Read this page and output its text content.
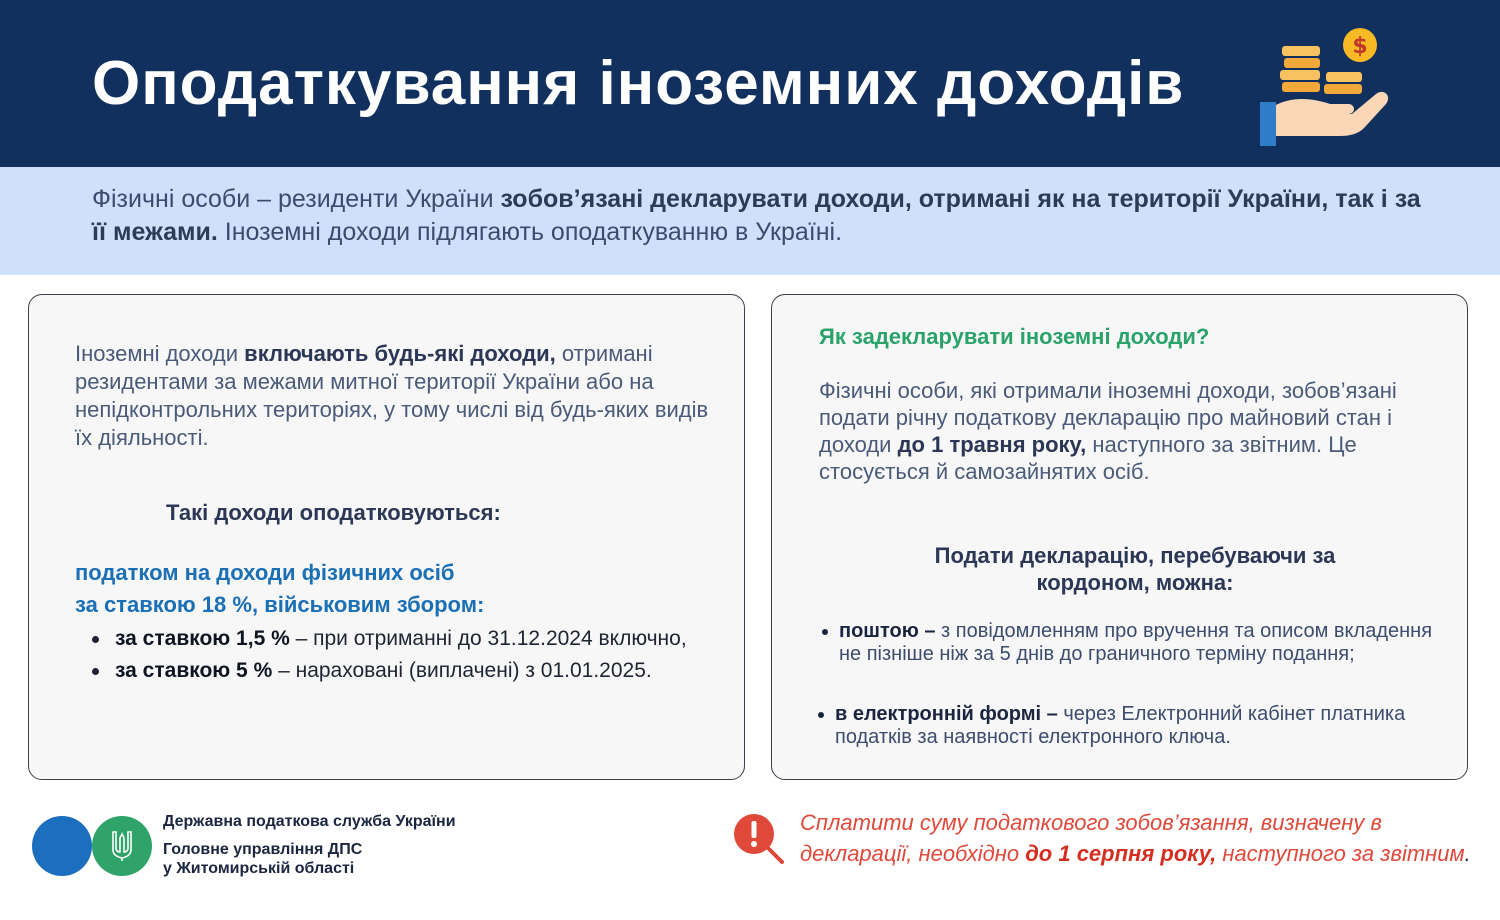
Оподаткування іноземних доходів
$

Фізичні особи – резиденти України зобов’язані декларувати доходи, отримані як на території України, так і за її межами. Іноземні доходи підлягають оподаткуванню в Україні.

Іноземні доходи включають будь-які доходи, отримані резидентами за межами митної території України або на непідконтрольних територіях, у тому числі від будь-яких видів їх діяльності.

Такі доходи оподатковуються:

податком на доходи фізичних осіб

за ставкою 18 %, військовим збором:

за ставкою 1,5 % – при отриманні до 31.12.2024 включно,
за ставкою 5 % – нараховані (виплачені) з 01.01.2025.
Як задекларувати іноземні доходи?

Фізичні особи, які отримали іноземні доходи, зобов’язані подати річну податкову декларацію про майновий стан і доходи до 1 травня року, наступного за звітним. Це стосується й самозайнятих осіб.

Подати декларацію, перебуваючи за кордоном, можна:

поштою – з повідомленням про вручення та описом вкладення не пізніше ніж за 5 днів до граничного терміну подання;
в електронній формі – через Електронний кабінет платника податків за наявності електронного ключа.

Державна податкова служба України

Головне управління ДПС
у Житомирській області

Сплатити суму податкового зобов’язання, визначену в декларації, необхідно до 1 серпня року, наступного за звітним.
